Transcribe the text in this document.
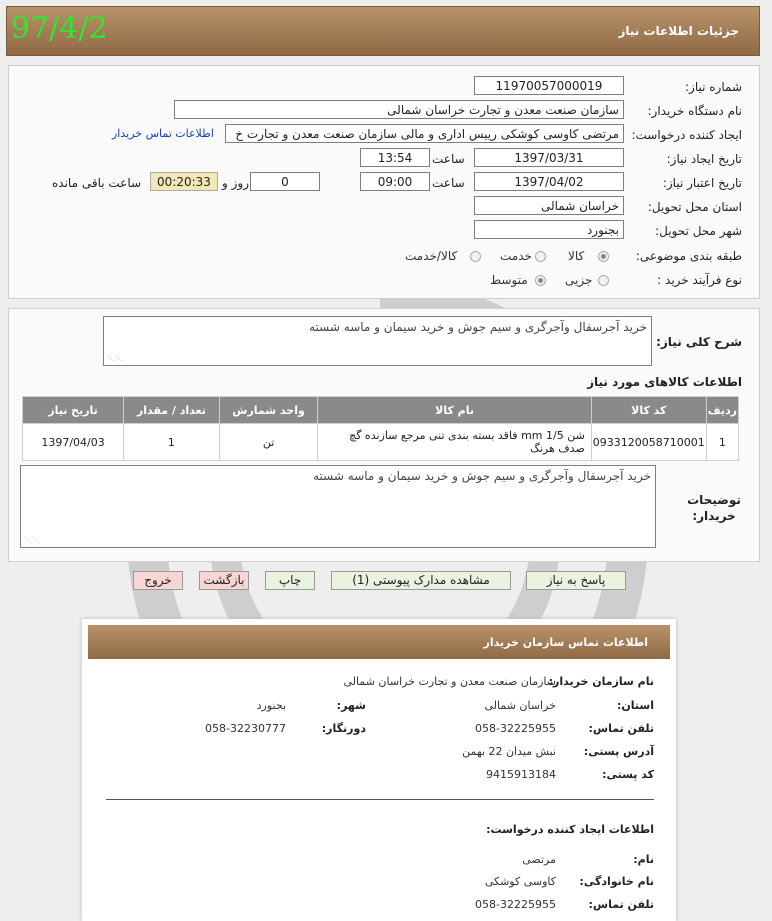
97/4/2	جزئیات اطلاعات نیاز
شماره نیاز:
11970057000019
نام دستگاه خریدار:
سازمان صنعت معدن و تجارت خراسان شمالی
ایجاد کننده درخواست:
مرتضی کاوسی کوشکی رییس اداری و مالی سازمان صنعت معدن و تجارت خ
اطلاعات تماس خریدار
تاریخ ایجاد نیاز:
1397/03/31
ساعت
13:54
تاریخ اعتبار نیاز:
1397/04/02
ساعت
09:00
0
روز و
00:20:33
ساعت باقی مانده
استان محل تحویل:
خراسان شمالی
شهر محل تحویل:
بجنورد
طبقه بندی موضوعی:
کالا
خدمت
کالا/خدمت
نوع فرآیند خرید :
جزیی
متوسط
شرح کلی نیاز:
خرید آجرسفال وآجرگری و سیم جوش و خرید سیمان و ماسه شسته
⋰⋰
اطلاعات کالاهای مورد نیاز
ردیف	کد کالا	نام کالا	واحد شمارش	تعداد / مقدار	تاریخ نیاز
1	0933120058710001	شن 1/5 mm فاقد بسته بندی تنی مرجع سازنده گچ صدف هرنگ	تن	1	1397/04/03
توضیحات خریدار:
خرید آجرسفال وآجرگری و سیم جوش و خرید سیمان و ماسه شسته
⋰⋰
پاسخ به نیاز
مشاهده مدارک پیوستی (1)
چاپ
بازگشت
خروج
اطلاعات تماس سازمان خریدار
نام سازمان خریدار:
سازمان صنعت معدن و تجارت خراسان شمالی
استان:
خراسان شمالی
شهر:
بجنورد
تلفن تماس:
058-32225955
دورنگار:
058-32230777
آدرس پستی:
نبش میدان 22 بهمن
کد پستی:
9415913184
اطلاعات ایجاد کننده درخواست:
نام:
مرتضی
نام خانوادگی:
کاوسی کوشکی
تلفن تماس:
058-32225955
